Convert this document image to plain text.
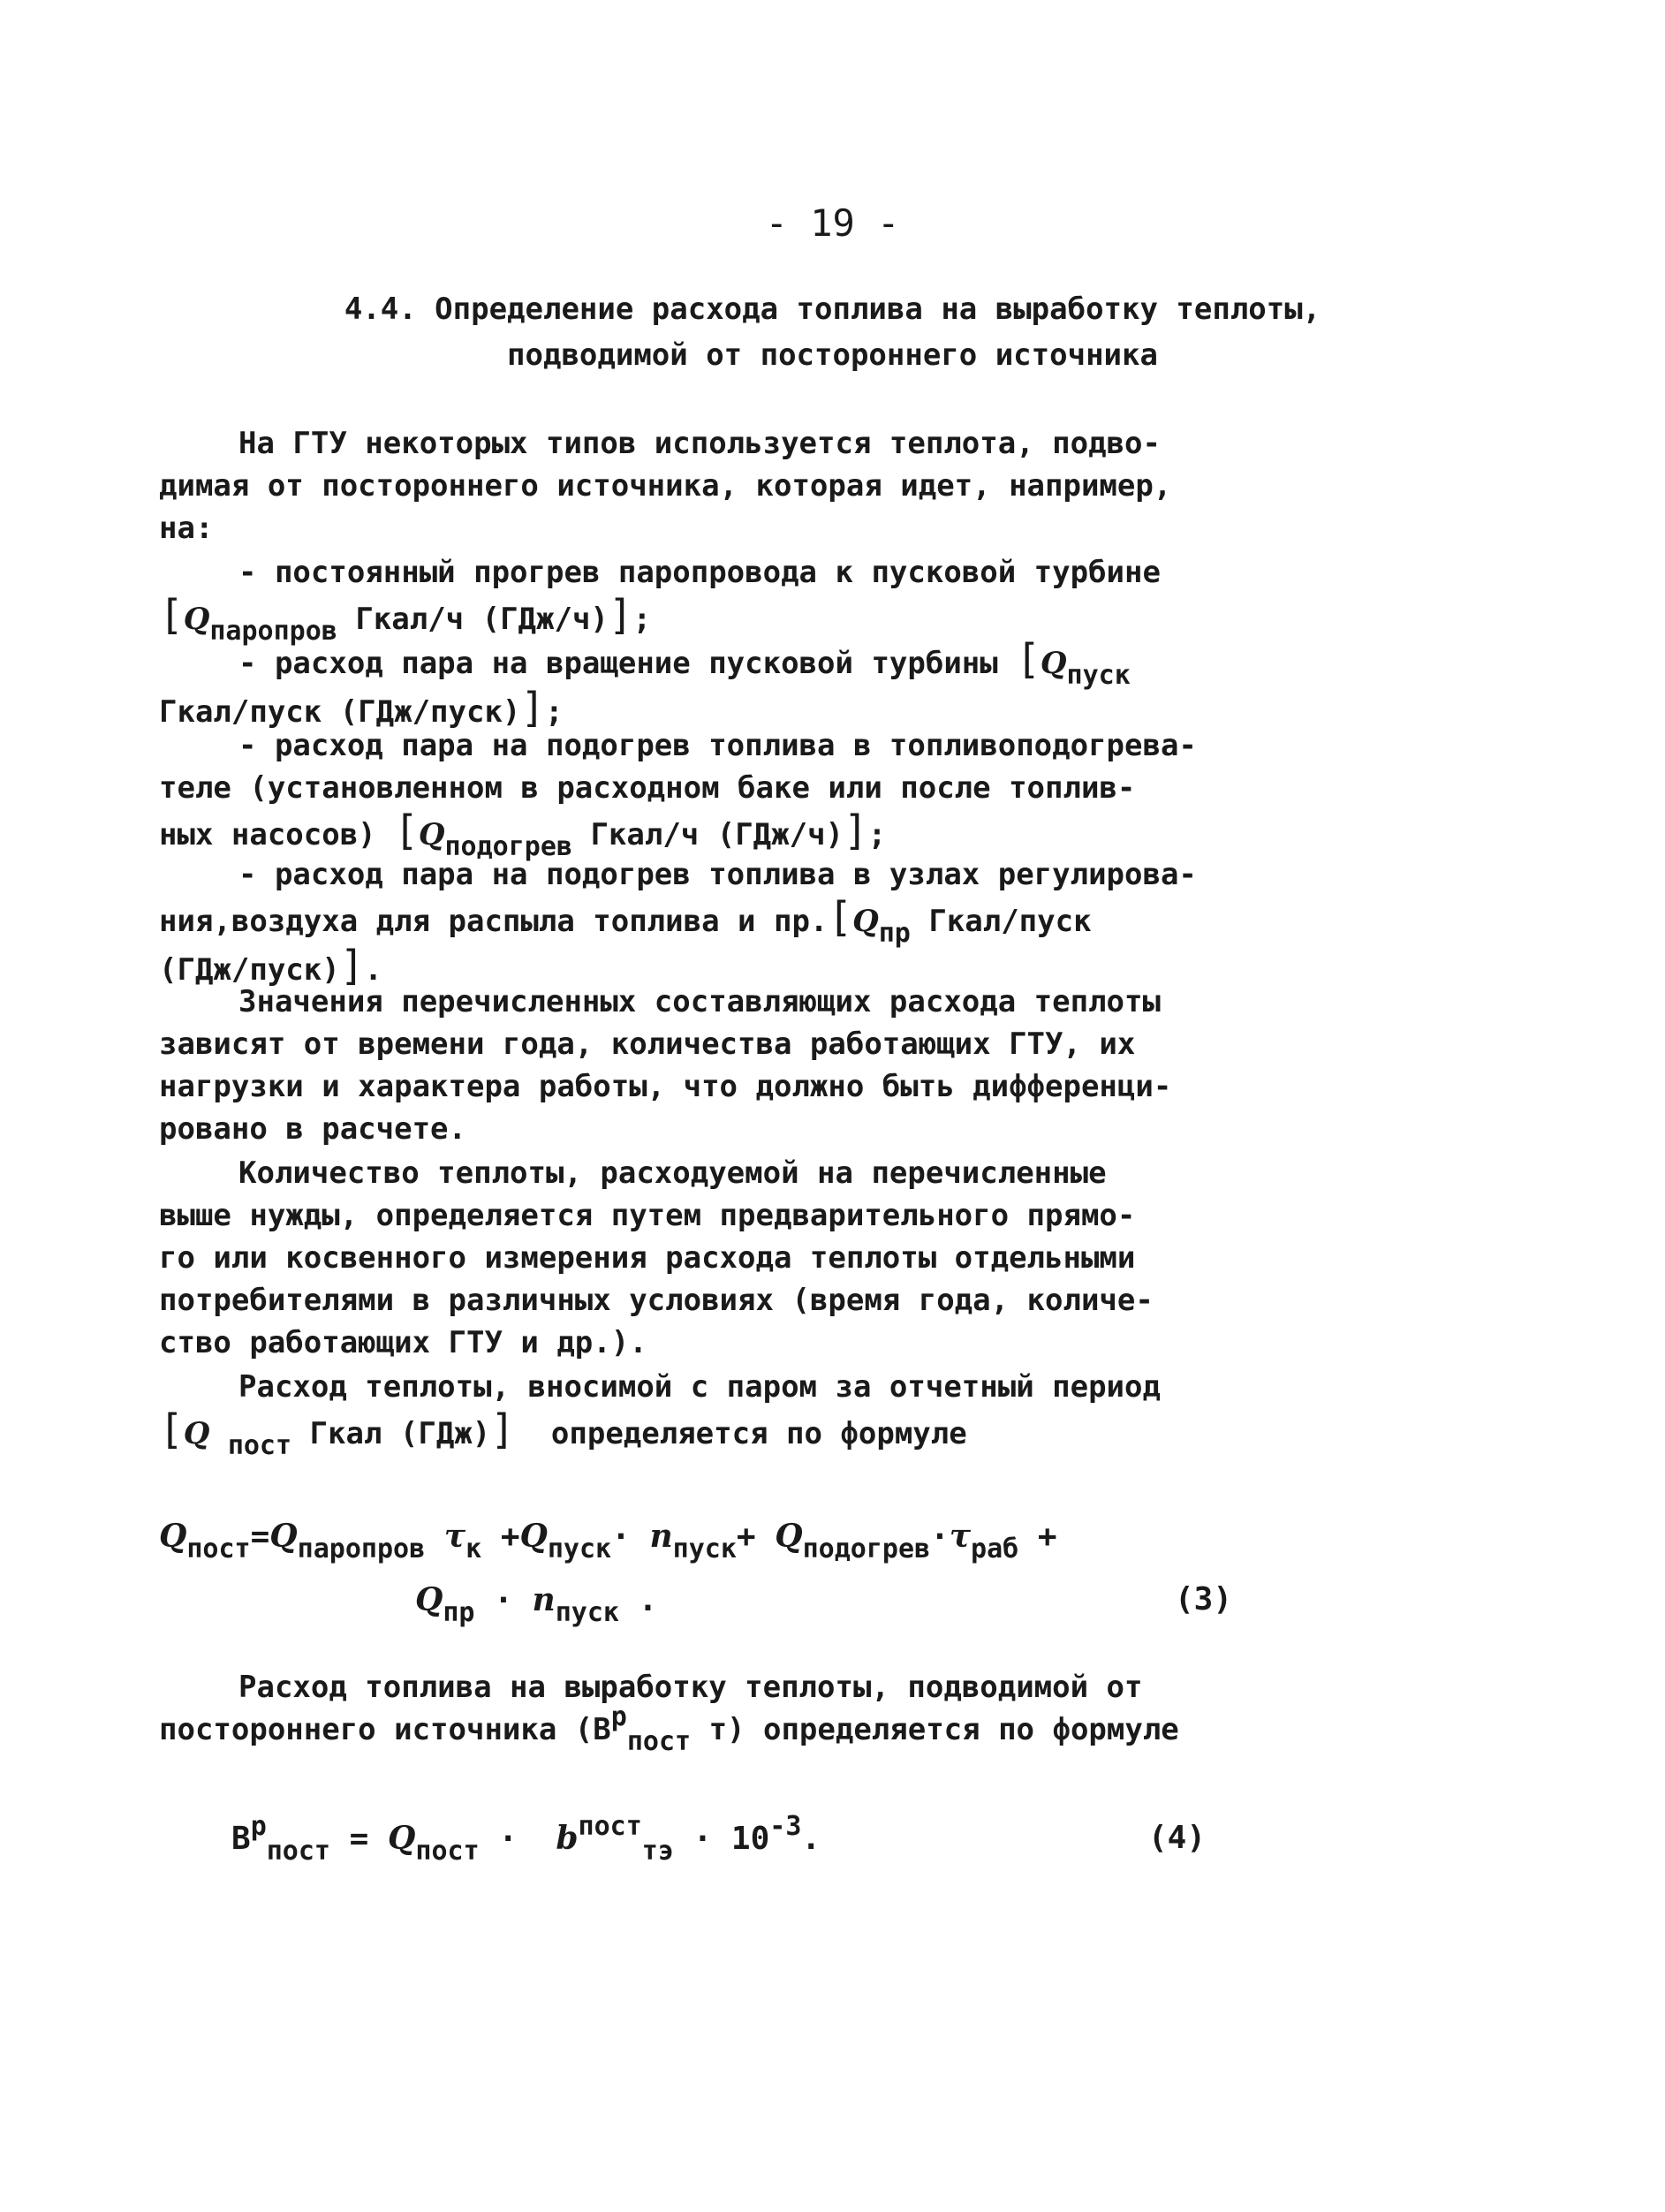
- 19 -
4.4. Определение расхода топлива на выработку теплоты,
подводимой от постороннего источника
На ГТУ некоторых типов используется теплота, подво-
димая от постороннего источника, которая идет, например,
на:
- постоянный прогрев паропровода к пусковой турбине
[Qпаропров Гкал/ч (ГДж/ч)];
- расход пара на вращение пусковой турбины [Qпуск
Гкал/пуск (ГДж/пуск)];
- расход пара на подогрев топлива в топливоподогрева-
теле (установленном в расходном баке или после топлив-
ных насосов) [Qподогрев Гкал/ч (ГДж/ч)];
- расход пара на подогрев топлива в узлах регулирова-
ния,воздуха для распыла топлива и пр.[Qпр Гкал/пуск
(ГДж/пуск)].
Значения перечисленных составляющих расхода теплоты
зависят от времени года, количества работающих ГТУ, их
нагрузки и характера работы, что должно быть дифференци-
ровано в расчете.
Количество теплоты, расходуемой на перечисленные
выше нужды, определяется путем предварительного прямо-
го или косвенного измерения расхода теплоты отдельными
потребителями в различных условиях (время года, количе-
ство работающих ГТУ и др.).
Расход теплоты, вносимой с паром за отчетный период
[Q пост Гкал (ГДж)] определяется по формуле
$Q_{пост}=Q_{паропров}$ $\tau_к +Q_{пуск}\cdot n_{пуск}+ Q_{подогрев}\cdot\tau_{раб}$ +
$Q_{пр} \cdot n_{пуск}$ .	(3)
Расход топлива на выработку теплоты, подводимой от
постороннего источника (Bрпост т) определяется по формуле
$B^р_{пост} = Q_{пост} \cdot b^{пост}_{тэ} \cdot 10^{-3}$.	(4)
